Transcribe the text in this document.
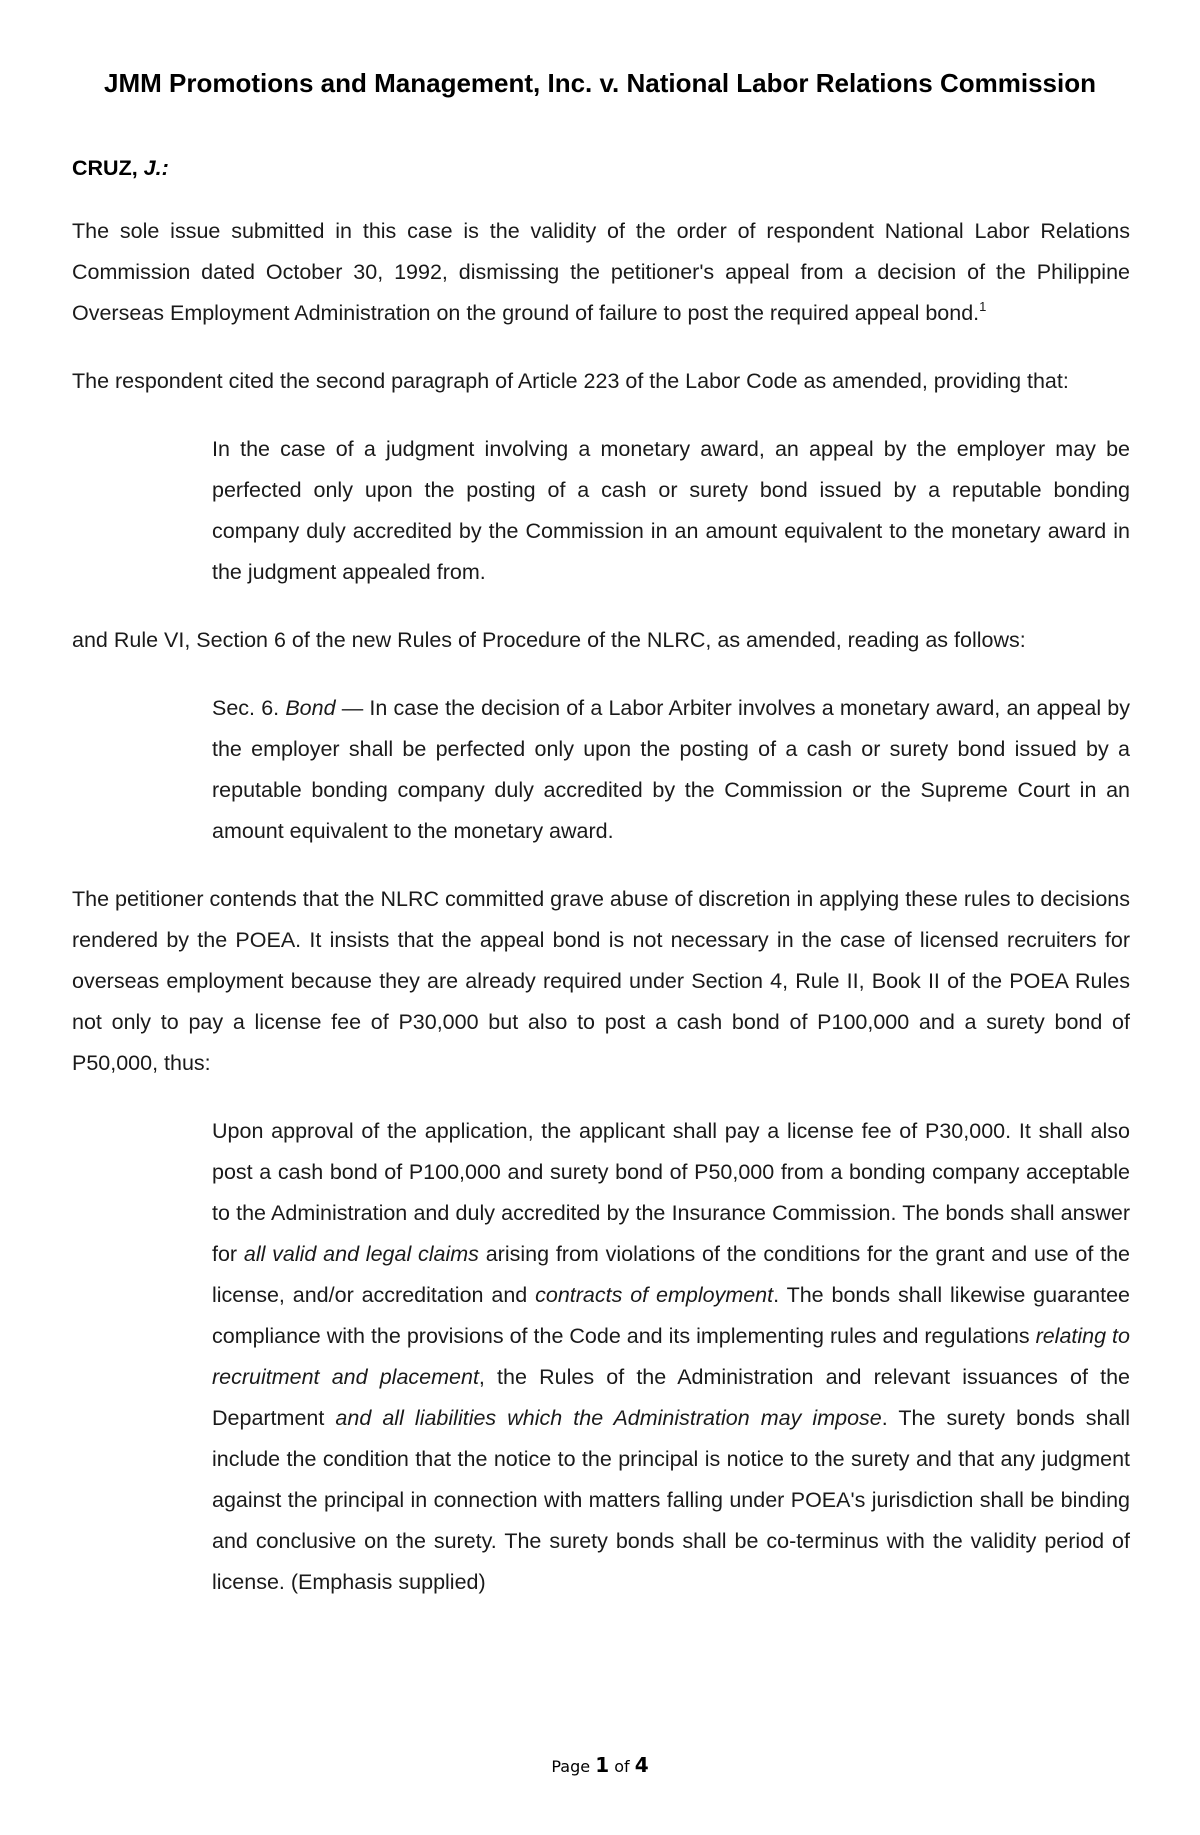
JMM Promotions and Management, Inc. v. National Labor Relations Commission
CRUZ, J.:

The sole issue submitted in this case is the validity of the order of respondent National Labor Relations Commission dated October 30, 1992, dismissing the petitioner's appeal from a decision of the Philippine Overseas Employment Administration on the ground of failure to post the required appeal bond.$^1$

The respondent cited the second paragraph of Article 223 of the Labor Code as amended, providing that:

In the case of a judgment involving a monetary award, an appeal by the employer may be perfected only upon the posting of a cash or surety bond issued by a reputable bonding company duly accredited by the Commission in an amount equivalent to the monetary award in the judgment appealed from.

and Rule VI, Section 6 of the new Rules of Procedure of the NLRC, as amended, reading as follows:

Sec. 6. Bond — In case the decision of a Labor Arbiter involves a monetary award, an appeal by the employer shall be perfected only upon the posting of a cash or surety bond issued by a reputable bonding company duly accredited by the Commission or the Supreme Court in an amount equivalent to the monetary award.

The petitioner contends that the NLRC committed grave abuse of discretion in applying these rules to decisions rendered by the POEA. It insists that the appeal bond is not necessary in the case of licensed recruiters for overseas employment because they are already required under Section 4, Rule II, Book II of the POEA Rules not only to pay a license fee of P30,000 but also to post a cash bond of P100,000 and a surety bond of P50,000, thus:

Upon approval of the application, the applicant shall pay a license fee of P30,000. It shall also post a cash bond of P100,000 and surety bond of P50,000 from a bonding company acceptable to the Administration and duly accredited by the Insurance Commission. The bonds shall answer for all valid and legal claims arising from violations of the conditions for the grant and use of the license, and/or accreditation and contracts of employment. The bonds shall likewise guarantee compliance with the provisions of the Code and its implementing rules and regulations relating to recruitment and placement, the Rules of the Administration and relevant issuances of the Department and all liabilities which the Administration may impose. The surety bonds shall include the condition that the notice to the principal is notice to the surety and that any judgment against the principal in connection with matters falling under POEA's jurisdiction shall be binding and conclusive on the surety. The surety bonds shall be co-terminus with the validity period of license. (Emphasis supplied)

Page 1 of 4
